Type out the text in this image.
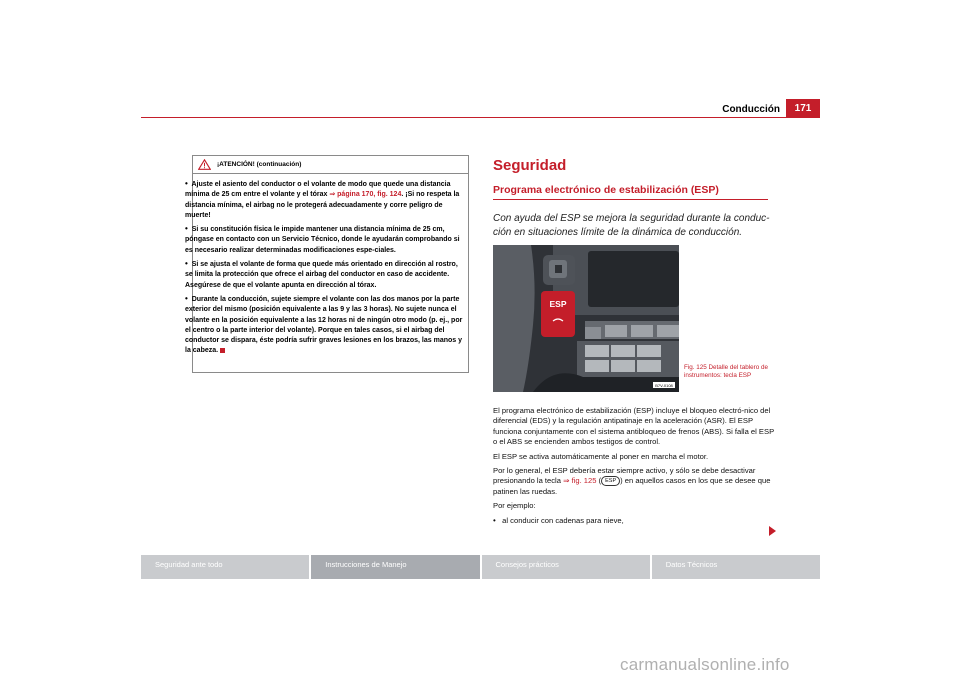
Conducción	171
¡ATENCIÓN! (continuación)
• Ajuste el asiento del conductor o el volante de modo que quede una distancia mínima de 25 cm entre el volante y el tórax ⇒ página 170, fig. 124. ¡Si no respeta la distancia mínima, el airbag no le protegerá adecuadamente y corre peligro de muerte!
• Si su constitución física le impide mantener una distancia mínima de 25 cm, póngase en contacto con un Servicio Técnico, donde le ayudarán comprobando si es necesario realizar determinadas modificaciones espe-ciales.
• Si se ajusta el volante de forma que quede más orientado en dirección al rostro, se limita la protección que ofrece el airbag del conductor en caso de accidente. Asegúrese de que el volante apunta en dirección al tórax.
• Durante la conducción, sujete siempre el volante con las dos manos por la parte exterior del mismo (posición equivalente a las 9 y las 3 horas). No sujete nunca el volante en la posición equivalente a las 12 horas ni de ningún otro modo (p. ej., por el centro o la parte interior del volante). Porque en tales casos, si el airbag del conductor se dispara, éste podría sufrir graves lesiones en los brazos, las manos y la cabeza.
Seguridad
Programa electrónico de estabilización (ESP)
Con ayuda del ESP se mejora la seguridad durante la conduc-ción en situaciones límite de la dinámica de conducción.
ESP
B7V-0108
Fig. 125 Detalle del tablero de instrumentos: tecla ESP

El programa electrónico de estabilización (ESP) incluye el bloqueo electró-nico del diferencial (EDS) y la regulación antipatinaje en la aceleración (ASR). El ESP funciona conjuntamente con el sistema antibloqueo de frenos (ABS). Si falla el ESP o el ABS se encienden ambos testigos de control.

El ESP se activa automáticamente al poner en marcha el motor.

Por lo general, el ESP debería estar siempre activo, y sólo se debe desactivar presionando la tecla ⇒ fig. 125 ( ESP ) en aquellos casos en los que se desee que patinen las ruedas.

Por ejemplo:

• al conducir con cadenas para nieve,

Seguridad ante todo	Instrucciones de Manejo	Consejos prácticos	Datos Técnicos
carmanualsonline.info
